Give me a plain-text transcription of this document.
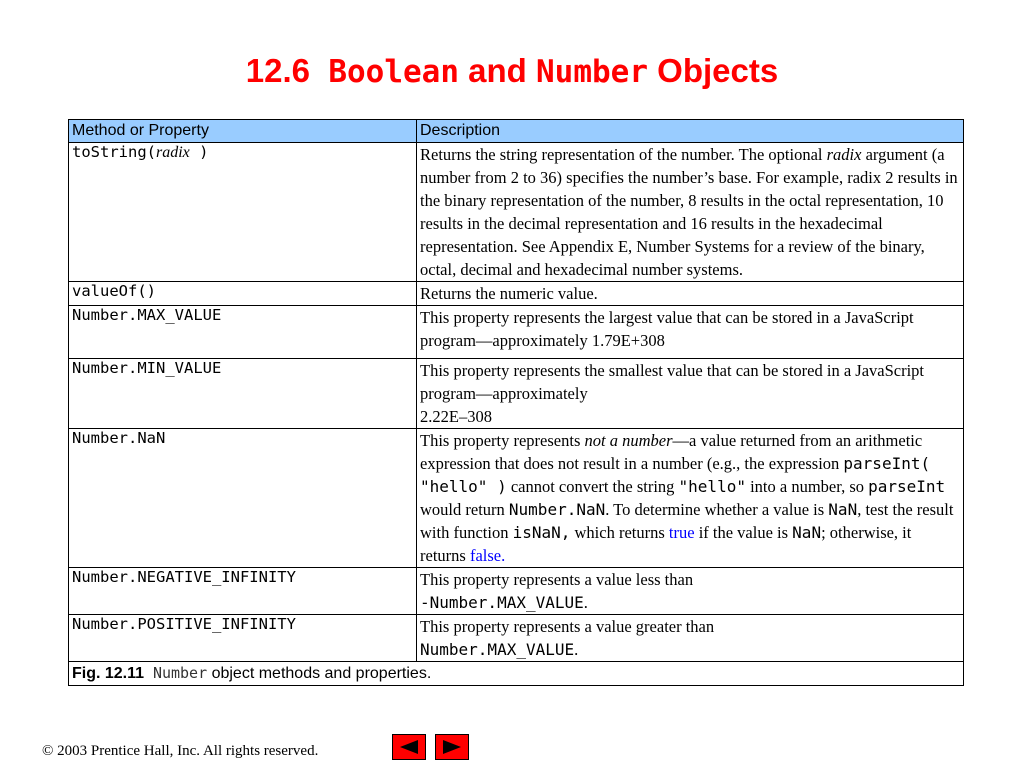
12.6 Boolean and Number Objects
Method or Property	Description
toString(radix )	Returns the string representation of the number. The optional radix argument (a number from 2 to 36) specifies the number’s base. For example, radix 2 results in the binary representation of the number, 8 results in the octal representation, 10 results in the decimal representation and 16 results in the hexadecimal representation. See Appendix E, Number Systems for a review of the binary, octal, decimal and hexadecimal number systems.
valueOf()	Returns the numeric value.
Number.MAX_VALUE	This property represents the largest value that can be stored in a JavaScript program—approximately 1.79E+308
Number.MIN_VALUE	This property represents the smallest value that can be stored in a JavaScript program—approximately
2.22E–308
Number.NaN	This property represents not a number—a value returned from an arithmetic expression that does not result in a number (e.g., the expression parseInt( "hello" ) cannot convert the string "hello" into a number, so parseInt would return Number.NaN. To determine whether a value is NaN, test the result with function isNaN, which returns true if the value is NaN; otherwise, it returns false.
Number.NEGATIVE_INFINITY	This property represents a value less than
-Number.MAX_VALUE.
Number.POSITIVE_INFINITY	This property represents a value greater than
Number.MAX_VALUE.
Fig. 12.11 Number object methods and properties.	
© 2003 Prentice Hall, Inc. All rights reserved.
